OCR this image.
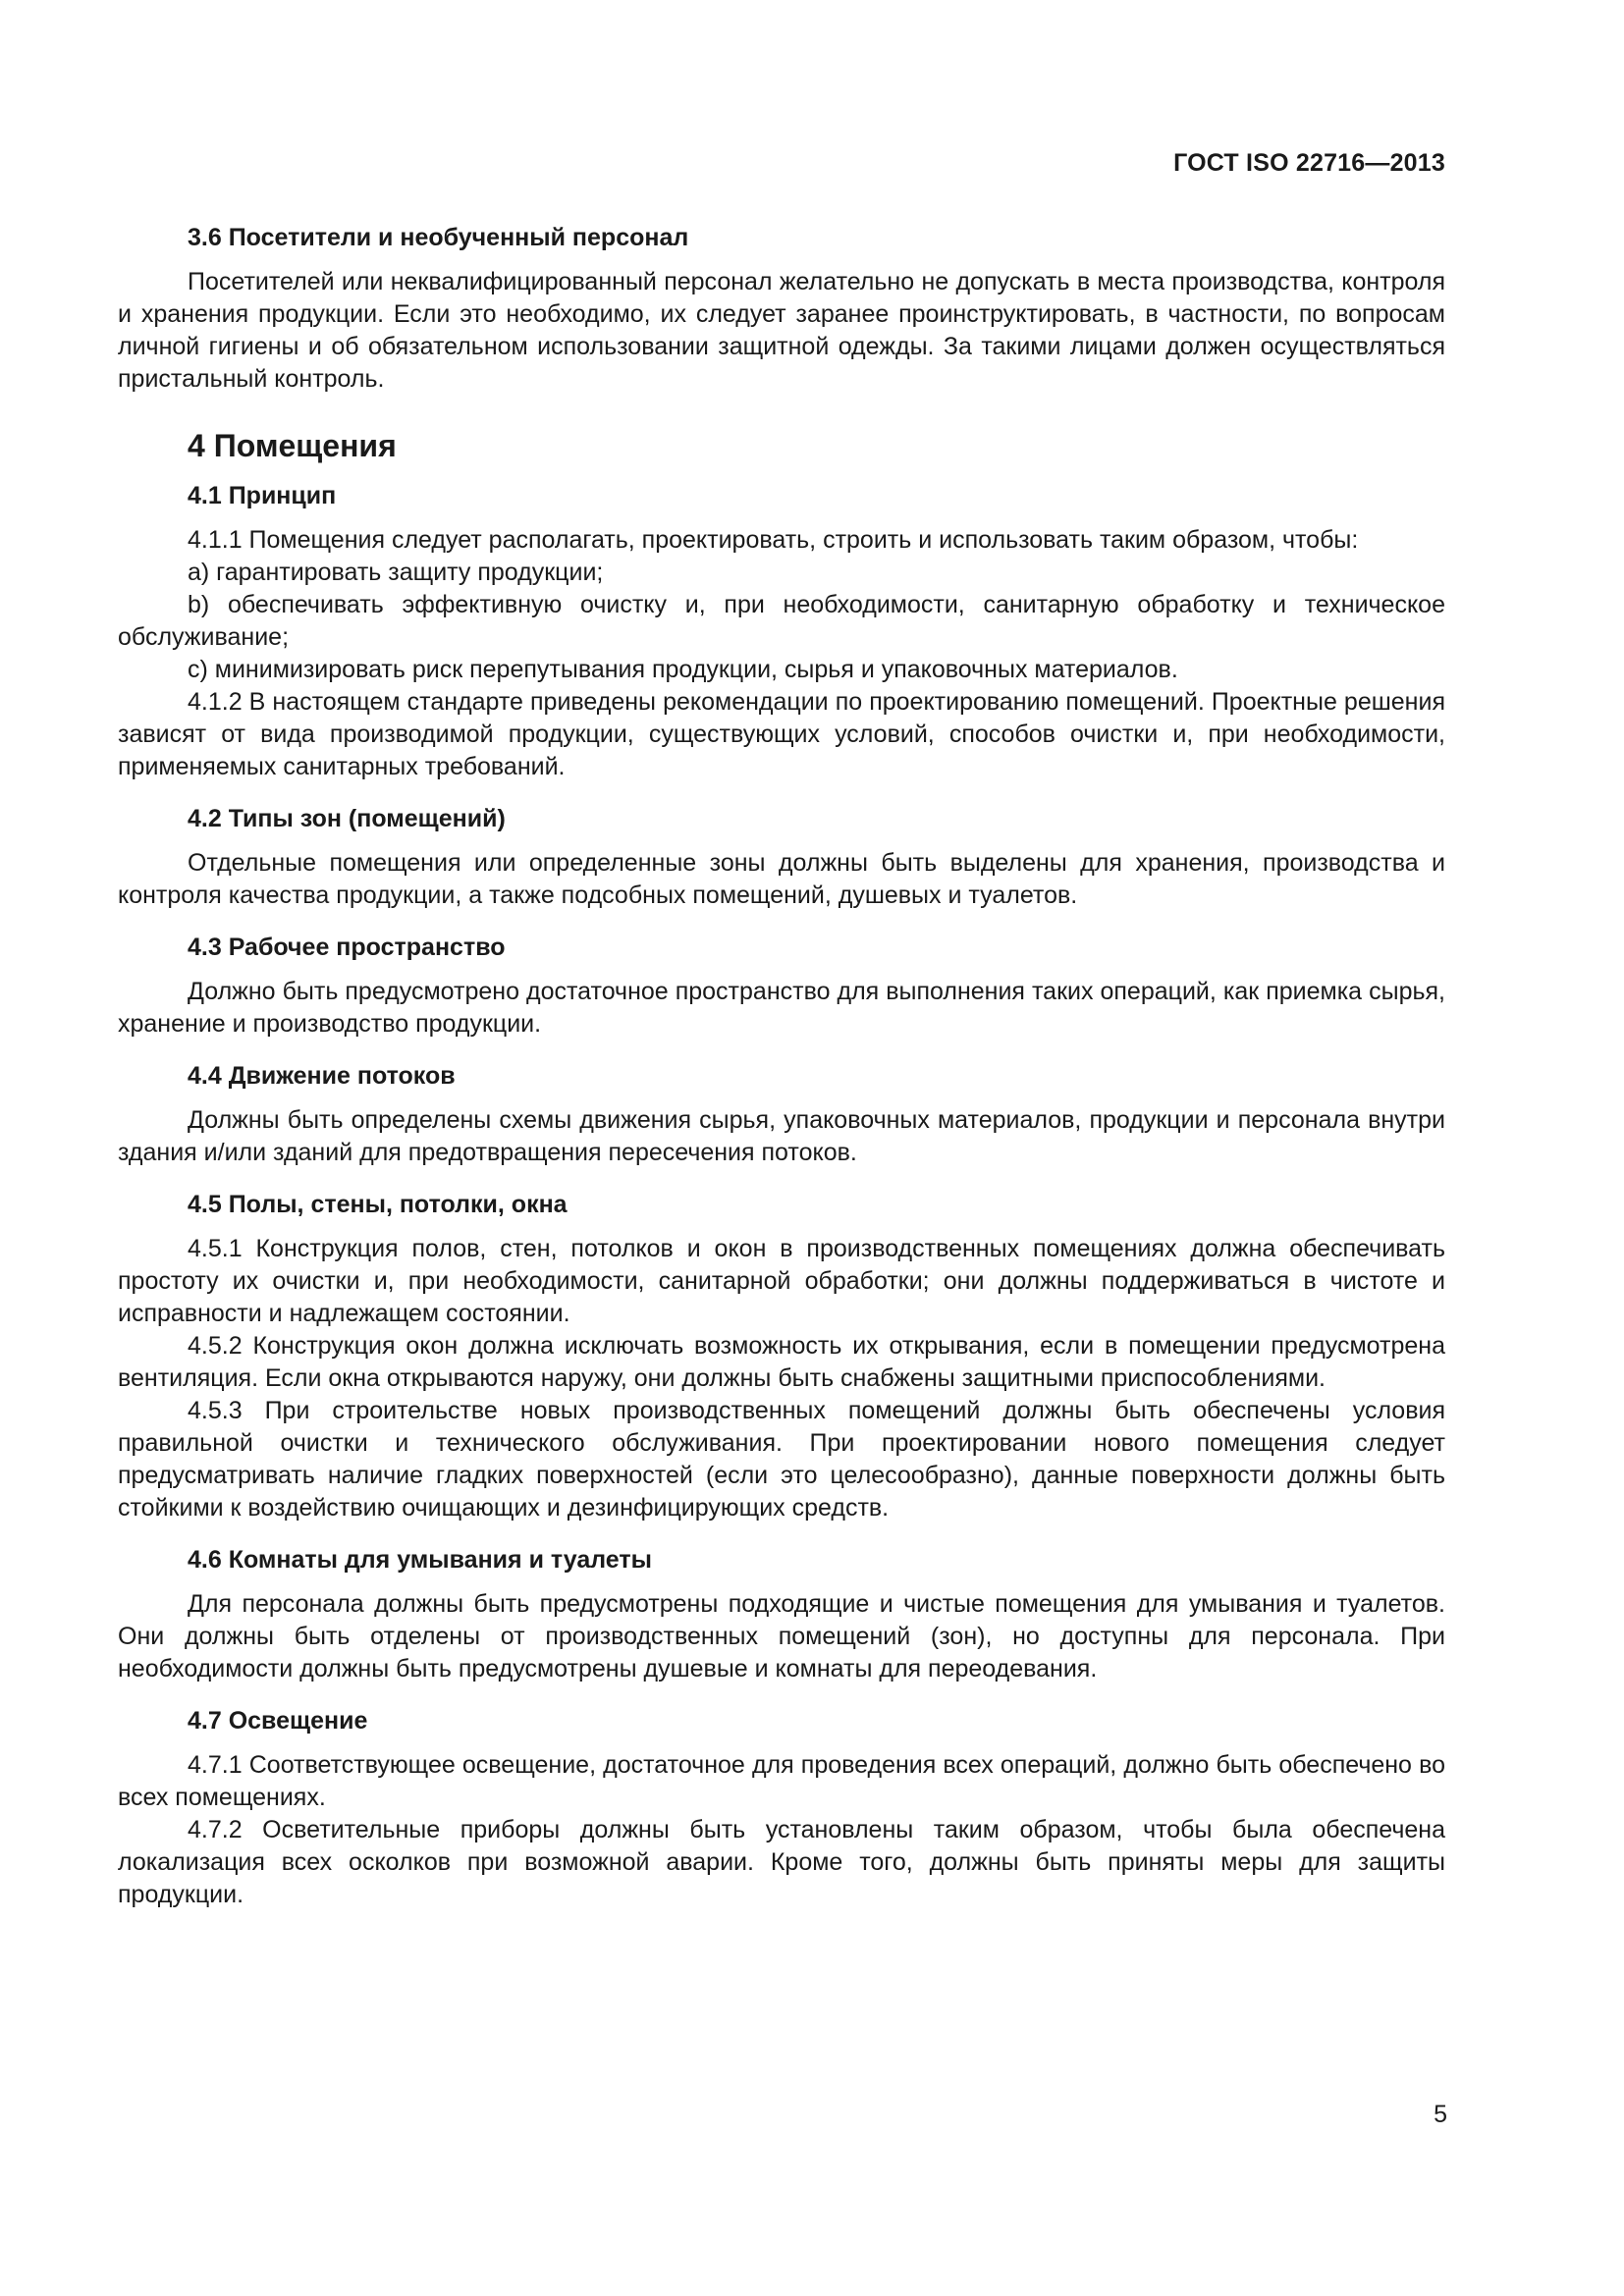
ГОСТ ISO 22716—2013
3.6 Посетители и необученный персонал

Посетителей или неквалифицированный персонал желательно не допускать в места производства, контроля и хранения продукции. Если это необходимо, их следует заранее проинструктировать, в частности, по вопросам личной гигиены и об обязательном использовании защитной одежды. За такими лицами должен осуществляться пристальный контроль.

4 Помещения
4.1 Принцип

4.1.1 Помещения следует располагать, проектировать, строить и использовать таким образом, чтобы:

a) гарантировать защиту продукции;

b) обеспечивать эффективную очистку и, при необходимости, санитарную обработку и техническое обслуживание;

c) минимизировать риск перепутывания продукции, сырья и упаковочных материалов.

4.1.2 В настоящем стандарте приведены рекомендации по проектированию помещений. Проектные решения зависят от вида производимой продукции, существующих условий, способов очистки и, при необходимости, применяемых санитарных требований.

4.2 Типы зон (помещений)

Отдельные помещения или определенные зоны должны быть выделены для хранения, производства и контроля качества продукции, а также подсобных помещений, душевых и туалетов.

4.3 Рабочее пространство

Должно быть предусмотрено достаточное пространство для выполнения таких операций, как приемка сырья, хранение и производство продукции.

4.4 Движение потоков

Должны быть определены схемы движения сырья, упаковочных материалов, продукции и персонала внутри здания и/или зданий для предотвращения пересечения потоков.

4.5 Полы, стены, потолки, окна

4.5.1 Конструкция полов, стен, потолков и окон в производственных помещениях должна обеспечивать простоту их очистки и, при необходимости, санитарной обработки; они должны поддерживаться в чистоте и исправности и надлежащем состоянии.

4.5.2 Конструкция окон должна исключать возможность их открывания, если в помещении предусмотрена вентиляция. Если окна открываются наружу, они должны быть снабжены защитными приспособлениями.

4.5.3 При строительстве новых производственных помещений должны быть обеспечены условия правильной очистки и технического обслуживания. При проектировании нового помещения следует предусматривать наличие гладких поверхностей (если это целесообразно), данные поверхности должны быть стойкими к воздействию очищающих и дезинфицирующих средств.

4.6 Комнаты для умывания и туалеты

Для персонала должны быть предусмотрены подходящие и чистые помещения для умывания и туалетов. Они должны быть отделены от производственных помещений (зон), но доступны для персонала. При необходимости должны быть предусмотрены душевые и комнаты для переодевания.

4.7 Освещение

4.7.1 Соответствующее освещение, достаточное для проведения всех операций, должно быть обеспечено во всех помещениях.

4.7.2 Осветительные приборы должны быть установлены таким образом, чтобы была обеспечена локализация всех осколков при возможной аварии. Кроме того, должны быть приняты меры для защиты продукции.

5
